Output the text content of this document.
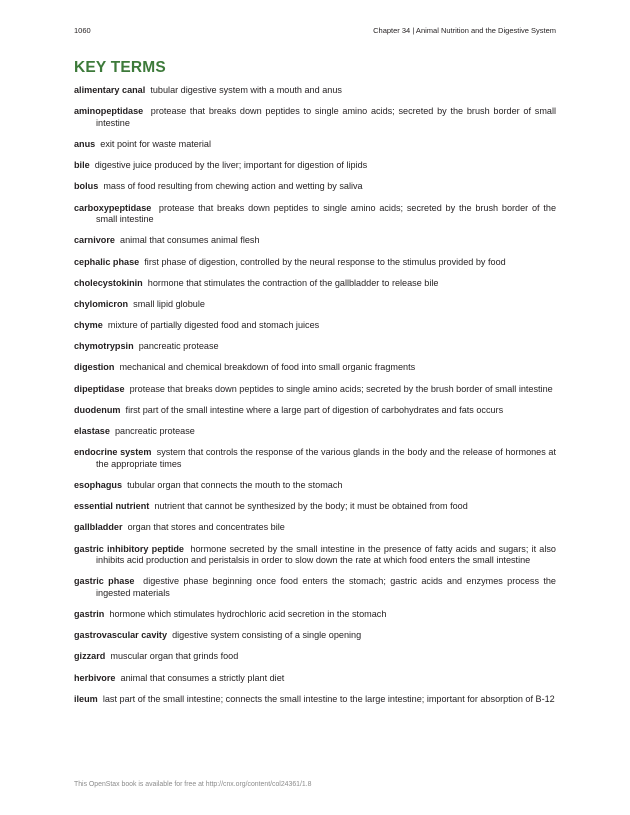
1060	Chapter 34 | Animal Nutrition and the Digestive System
KEY TERMS
alimentary canal tubular digestive system with a mouth and anus
aminopeptidase protease that breaks down peptides to single amino acids; secreted by the brush border of small intestine
anus exit point for waste material
bile digestive juice produced by the liver; important for digestion of lipids
bolus mass of food resulting from chewing action and wetting by saliva
carboxypeptidase protease that breaks down peptides to single amino acids; secreted by the brush border of the small intestine
carnivore animal that consumes animal flesh
cephalic phase first phase of digestion, controlled by the neural response to the stimulus provided by food
cholecystokinin hormone that stimulates the contraction of the gallbladder to release bile
chylomicron small lipid globule
chyme mixture of partially digested food and stomach juices
chymotrypsin pancreatic protease
digestion mechanical and chemical breakdown of food into small organic fragments
dipeptidase protease that breaks down peptides to single amino acids; secreted by the brush border of small intestine
duodenum first part of the small intestine where a large part of digestion of carbohydrates and fats occurs
elastase pancreatic protease
endocrine system system that controls the response of the various glands in the body and the release of hormones at the appropriate times
esophagus tubular organ that connects the mouth to the stomach
essential nutrient nutrient that cannot be synthesized by the body; it must be obtained from food
gallbladder organ that stores and concentrates bile
gastric inhibitory peptide hormone secreted by the small intestine in the presence of fatty acids and sugars; it also inhibits acid production and peristalsis in order to slow down the rate at which food enters the small intestine
gastric phase digestive phase beginning once food enters the stomach; gastric acids and enzymes process the ingested materials
gastrin hormone which stimulates hydrochloric acid secretion in the stomach
gastrovascular cavity digestive system consisting of a single opening
gizzard muscular organ that grinds food
herbivore animal that consumes a strictly plant diet
ileum last part of the small intestine; connects the small intestine to the large intestine; important for absorption of B-12
This OpenStax book is available for free at http://cnx.org/content/col24361/1.8
